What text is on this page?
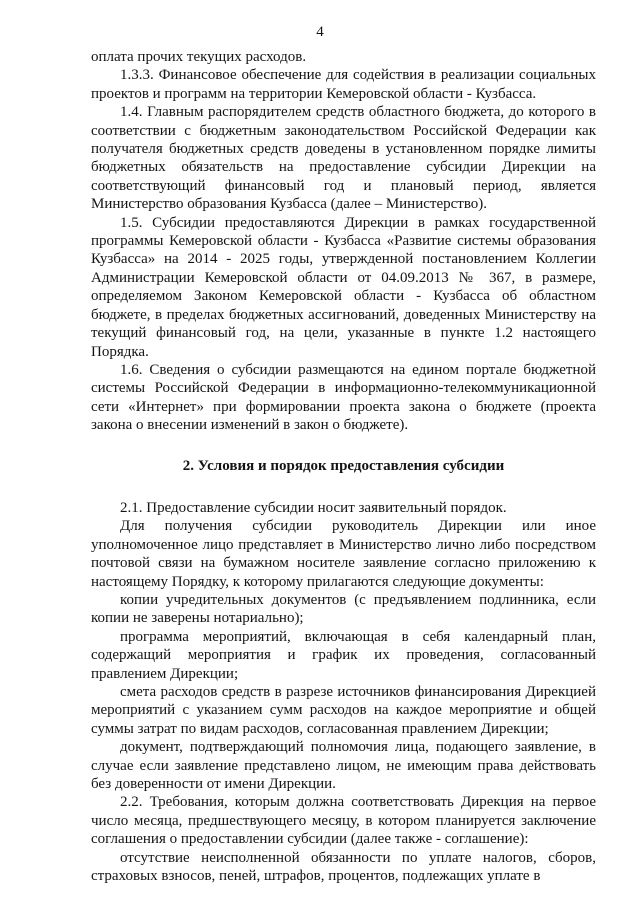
4

оплата прочих текущих расходов.

1.3.3. Финансовое обеспечение для содействия в реализации социальных проектов и программ на территории Кемеровской области - Кузбасса.

1.4. Главным распорядителем средств областного бюджета, до которого в соответствии с бюджетным законодательством Российской Федерации как получателя бюджетных средств доведены в установленном порядке лимиты бюджетных обязательств на предоставление субсидии Дирекции на соответствующий финансовый год и плановый период, является Министерство образования Кузбасса (далее – Министерство).

1.5. Субсидии предоставляются Дирекции в рамках государственной программы Кемеровской области - Кузбасса «Развитие системы образования Кузбасса» на 2014 - 2025 годы, утвержденной постановлением Коллегии Администрации Кемеровской области от 04.09.2013 № 367, в размере, определяемом Законом Кемеровской области - Кузбасса об областном бюджете, в пределах бюджетных ассигнований, доведенных Министерству на текущий финансовый год, на цели, указанные в пункте 1.2 настоящего Порядка.

1.6. Сведения о субсидии размещаются на едином портале бюджетной системы Российской Федерации в информационно-телекоммуникационной сети «Интернет» при формировании проекта закона о бюджете (проекта закона о внесении изменений в закон о бюджете).

2. Условия и порядок предоставления субсидии

2.1. Предоставление субсидии носит заявительный порядок.

Для получения субсидии руководитель Дирекции или иное уполномоченное лицо представляет в Министерство лично либо посредством почтовой связи на бумажном носителе заявление согласно приложению к настоящему Порядку, к которому прилагаются следующие документы:

копии учредительных документов (с предъявлением подлинника, если копии не заверены нотариально);

программа мероприятий, включающая в себя календарный план, содержащий мероприятия и график их проведения, согласованный правлением Дирекции;

смета расходов средств в разрезе источников финансирования Дирекцией мероприятий с указанием сумм расходов на каждое мероприятие и общей суммы затрат по видам расходов, согласованная правлением Дирекции;

документ, подтверждающий полномочия лица, подающего заявление, в случае если заявление представлено лицом, не имеющим права действовать без доверенности от имени Дирекции.

2.2. Требования, которым должна соответствовать Дирекция на первое число месяца, предшествующего месяцу, в котором планируется заключение соглашения о предоставлении субсидии (далее также - соглашение):

отсутствие неисполненной обязанности по уплате налогов, сборов, страховых взносов, пеней, штрафов, процентов, подлежащих уплате в
